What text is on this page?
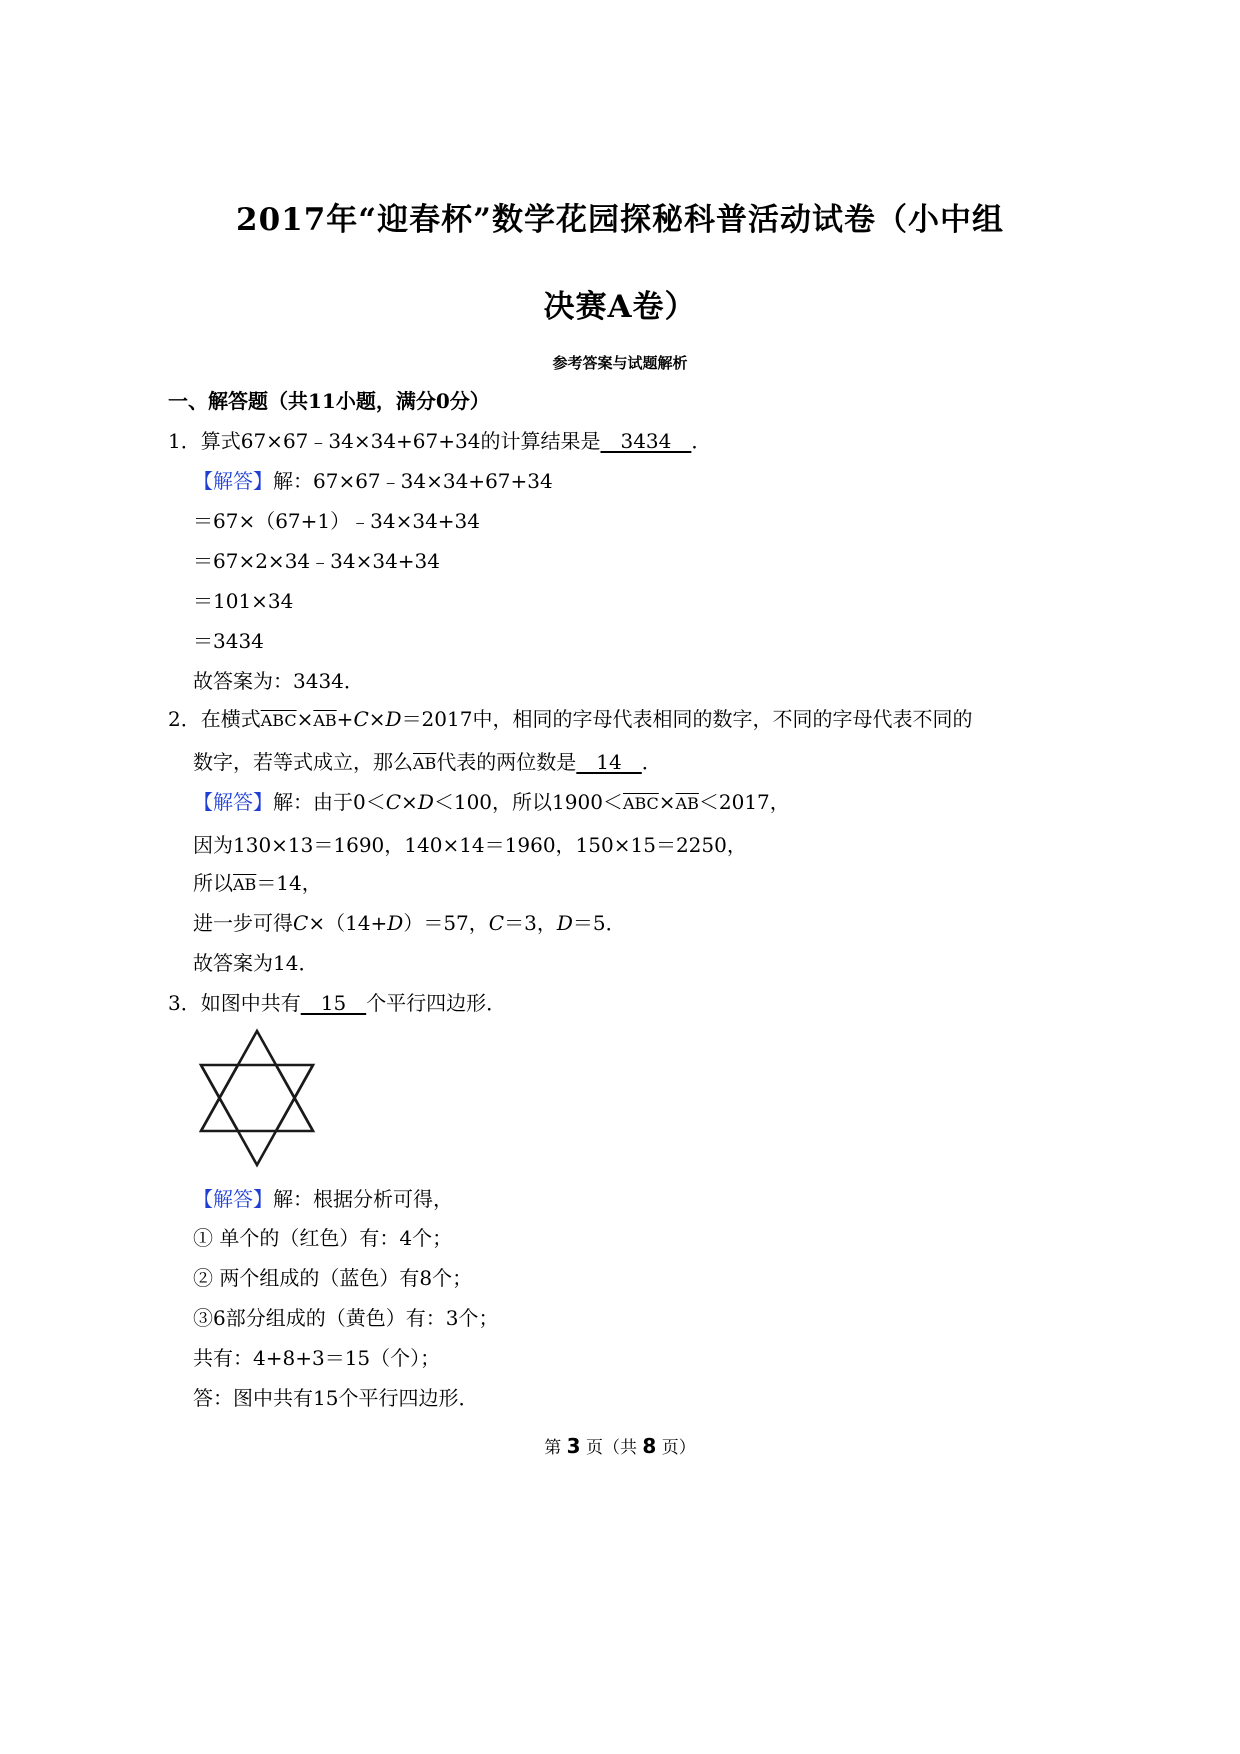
2017年“迎春杯”数学花园探秘科普活动试卷（小中组
决赛A卷）
参考答案与试题解析
一、解答题（共11小题，满分0分）
1．算式67×67﹣34×34+67+34的计算结果是　3434　．
【解答】解：67×67﹣34×34+67+34
＝67×（67+1）﹣34×34+34
＝67×2×34﹣34×34+34
＝101×34
＝3434
故答案为：3434．
2．在横式$\overline{ABC}\times\overline{AB}+C\times D=2017$中，相同的字母代表相同的数字，不同的字母代表不同的
数字，若等式成立，那么$\overline{AB}$代表的两位数是　14　．
【解答】解：由于0＜C×D＜100，所以$1900<\overline{ABC}\times\overline{AB}<2017$，
因为130×13＝1690，140×14＝1960，150×15＝2250，
所以$\overline{AB}=14$，
进一步可得C×（14+D）＝57，C＝3，D＝5．
故答案为14．
3．如图中共有　15　个平行四边形．
【解答】解：根据分析可得，
① 单个的（红色）有：4个；
② 两个组成的（蓝色）有8个；
③6部分组成的（黄色）有：3个；
共有：4+8+3＝15（个）；
答：图中共有15个平行四边形．
第 3 页（共 8 页）
